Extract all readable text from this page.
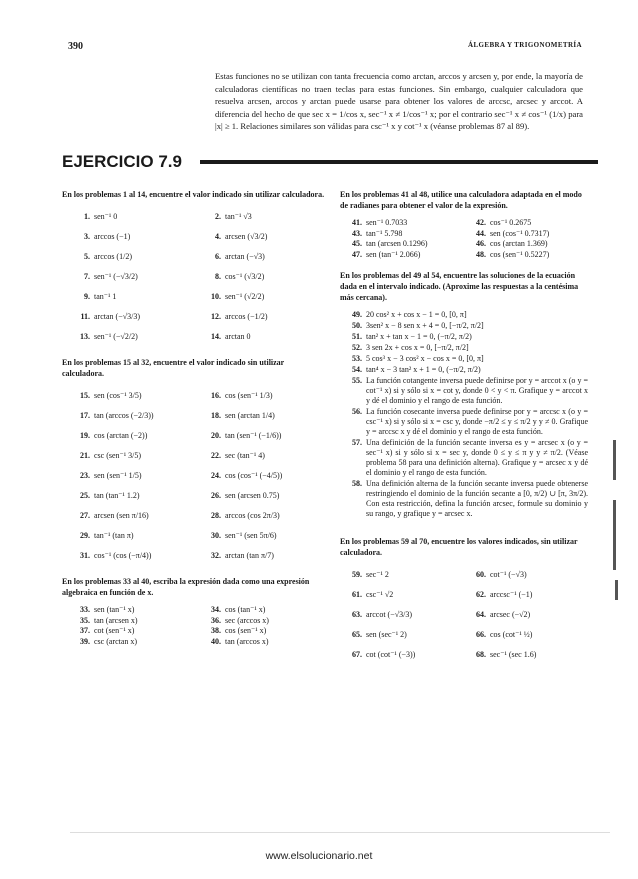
390	ÁLGEBRA Y TRIGONOMETRÍA
Estas funciones no se utilizan con tanta frecuencia como arctan, arccos y arcsen y, por ende, la mayoría de calculadoras científicas no traen teclas para estas funciones. Sin embargo, cualquier calculadora que resuelva arcsen, arccos y arctan puede usarse para obtener los valores de arccsc, arcsec y arccot. A diferencia del hecho de que sec x = 1/cos x, sec⁻¹ x ≠ 1/cos⁻¹ x; por el contrario sec⁻¹ x ≠ cos⁻¹ (1/x) para |x| ≥ 1. Relaciones similares son válidas para csc⁻¹ x y cot⁻¹ x (véanse problemas 87 al 89).
EJERCICIO 7.9
En los problemas 1 al 14, encuentre el valor indicado sin utilizar calculadora.
1. sen⁻¹ 0	2. tan⁻¹ √3
3. arccos (−1)	4. arcsen (√3/2)
5. arccos (1/2)	6. arctan (−√3)
7. sen⁻¹ (−√3/2)	8. cos⁻¹ (√3/2)
9. tan⁻¹ 1	10. sen⁻¹ (√2/2)
11. arctan (−√3/3)	12. arccos (−1/2)
13. sen⁻¹ (−√2/2)	14. arctan 0
En los problemas 15 al 32, encuentre el valor indicado sin utilizar calculadora.
15. sen (cos⁻¹ 3/5)	16. cos (sen⁻¹ 1/3)
17. tan (arccos (−2/3))	18. sen (arctan 1/4)
19. cos (arctan (−2))	20. tan (sen⁻¹ (−1/6))
21. csc (sen⁻¹ 3/5)	22. sec (tan⁻¹ 4)
23. sen (sen⁻¹ 1/5)	24. cos (cos⁻¹ (−4/5))
25. tan (tan⁻¹ 1.2)	26. sen (arcsen 0.75)
27. arcsen (sen π/16)	28. arccos (cos 2π/3)
29. tan⁻¹ (tan π)	30. sen⁻¹ (sen 5π/6)
31. cos⁻¹ (cos (−π/4))	32. arctan (tan π/7)
En los problemas 33 al 40, escriba la expresión dada como una expresión algebraica en función de x.
33. sen (tan⁻¹ x)	34. cos (tan⁻¹ x)
35. tan (arcsen x)	36. sec (arccos x)
37. cot (sen⁻¹ x)	38. cos (sen⁻¹ x)
39. csc (arctan x)	40. tan (arccos x)
En los problemas 41 al 48, utilice una calculadora adaptada en el modo de radianes para obtener el valor de la expresión.
41. sen⁻¹ 0.7033	42. cos⁻¹ 0.2675
43. tan⁻¹ 5.798	44. sen (cos⁻¹ 0.7317)
45. tan (arcsen 0.1296)	46. cos (arctan 1.369)
47. sen (tan⁻¹ 2.066)	48. cos (sen⁻¹ 0.5227)
En los problemas del 49 al 54, encuentre las soluciones de la ecuación dada en el intervalo indicado. (Aproxime las respuestas a la centésima más cercana).
49. 20 cos² x + cos x − 1 = 0, [0, π]
50. 3sen² x − 8 sen x + 4 = 0, [−π/2, π/2]
51. tan² x + tan x − 1 = 0, (−π/2, π/2)
52. 3 sen 2x + cos x = 0, [−π/2, π/2]
53. 5 cos³ x − 3 cos² x − cos x = 0, [0, π]
54. tan⁴ x − 3 tan² x + 1 = 0, (−π/2, π/2)
55. La función cotangente inversa puede definirse por y = arccot x (o y = cot⁻¹ x) si y sólo si x = cot y, donde 0 < y < π. Grafique y = arccot x y dé el dominio y el rango de esta función.
56. La función cosecante inversa puede definirse por y = arccsc x (o y = csc⁻¹ x) si y sólo si x = csc y, donde −π/2 ≤ y ≤ π/2 y y ≠ 0. Grafique y = arccsc x y dé el dominio y el rango de esta función.
57. Una definición de la función secante inversa es y = arcsec x (o y = sec⁻¹ x) si y sólo si x = sec y, donde 0 ≤ y ≤ π y y ≠ π/2. (Véase problema 58 para una definición alterna). Grafique y = arcsec x y dé el dominio y el rango de esta función.
58. Una definición alterna de la función secante inversa puede obtenerse restringiendo el dominio de la función secante a [0, π/2) ∪ [π, 3π/2). Con esta restricción, defina la función arcsec, formule su dominio y su rango, y grafique y = arcsec x.
En los problemas 59 al 70, encuentre los valores indicados, sin utilizar calculadora.
59. sec⁻¹ 2	60. cot⁻¹ (−√3)
61. csc⁻¹ √2	62. arccsc⁻¹ (−1)
63. arccot (−√3/3)	64. arcsec (−√2)
65. sen (sec⁻¹ 2)	66. cos (cot⁻¹ ½)
67. cot (cot⁻¹ (−3))	68. sec⁻¹ (sec 1.6)
www.elsolucionario.net
